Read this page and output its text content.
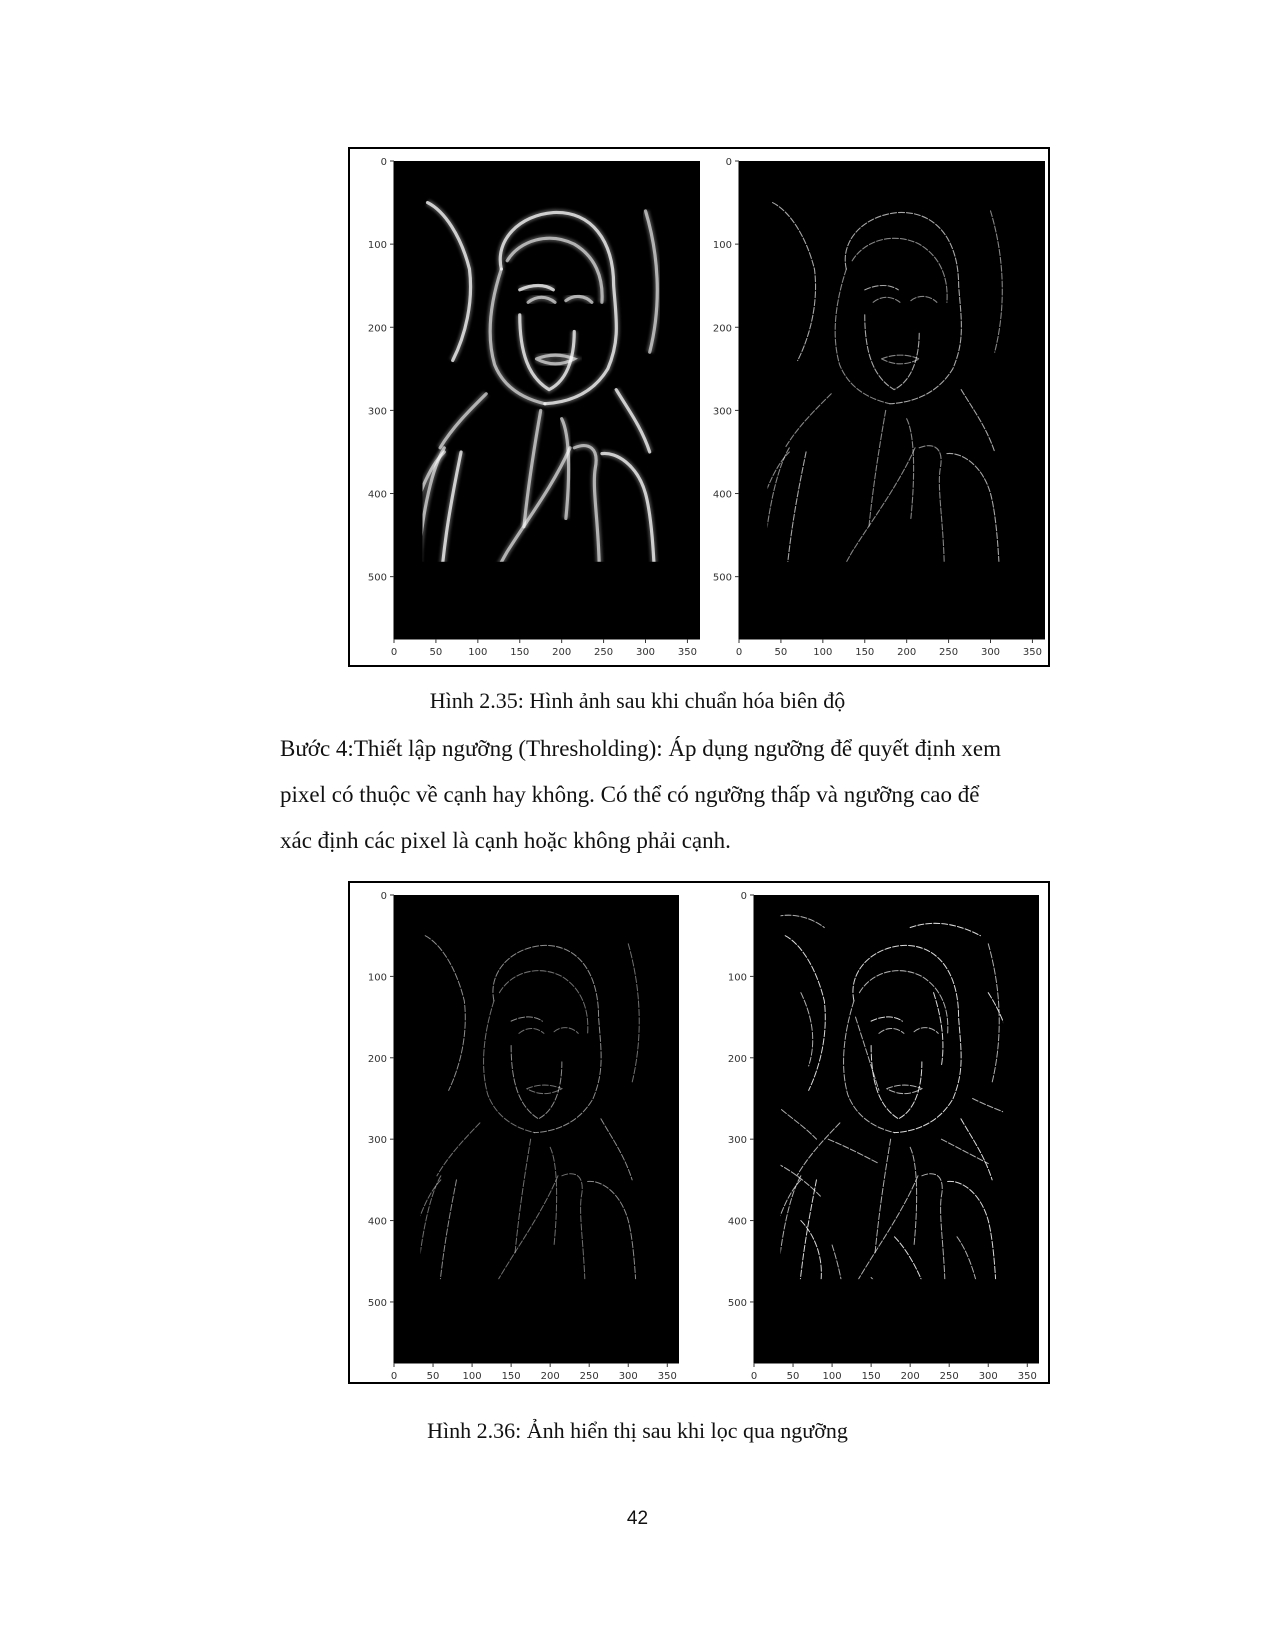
0	50	100 150 200 250 300 350
0
100
200
300
400
500
0	50	100 150 200 250 300 350
0
100
200
300
400
500
Hình 2.35: Hình ảnh sau khi chuẩn hóa biên độ
Bước 4:Thiết lập ngưỡng (Thresholding): Áp dụng ngưỡng để quyết định xem
pixel có thuộc về cạnh hay không. Có thể có ngưỡng thấp và ngưỡng cao để
xác định các pixel là cạnh hoặc không phải cạnh.
0	50 100 150 200 250 300 350
0
100
200
300
400
500
0	50 100 150 200 250 300 350
0
100
200
300
400
500
Hình 2.36: Ảnh hiển thị sau khi lọc qua ngưỡng
42
